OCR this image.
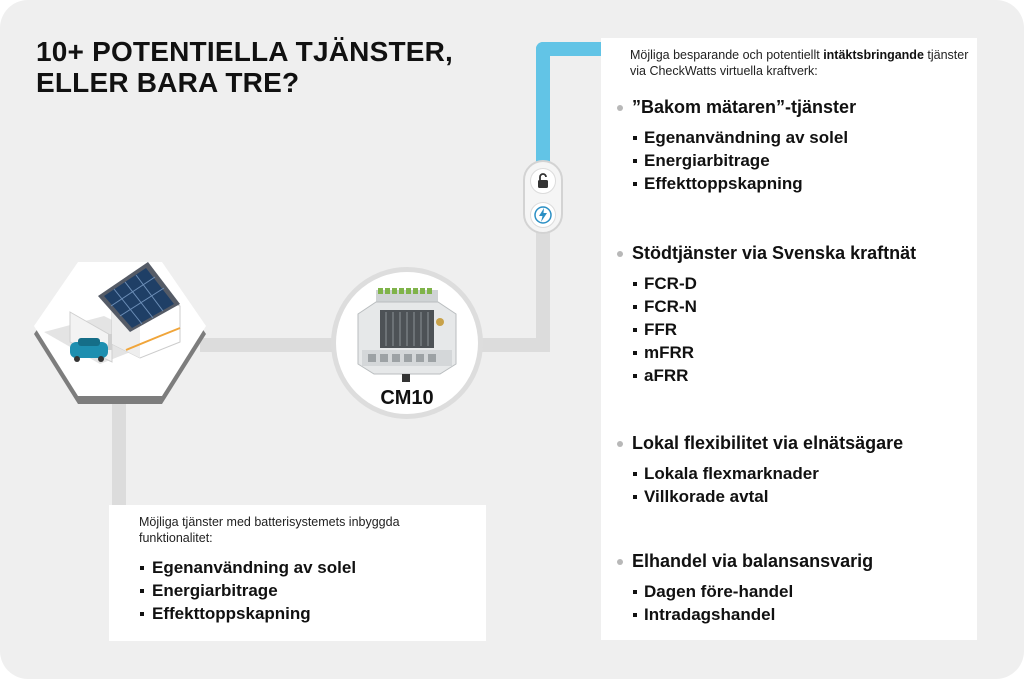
10+ POTENTIELLA TJÄNSTER,
ELLER BARA TRE?
CM10

Möjliga tjänster med batterisystemets inbyggda funktionalitet:

Egenanvändning av solel
Energiarbitrage
Effekttoppskapning

Möjliga besparande och potentiellt intäktsbringande tjänster via CheckWatts virtuella kraftverk:

”Bakom mätaren”-tjänster
Egenanvändning av solel
Energiarbitrage
Effekttoppskapning
Stödtjänster via Svenska kraftnät
FCR-D
FCR-N
FFR
mFRR
aFRR
Lokal flexibilitet via elnätsägare
Lokala flexmarknader
Villkorade avtal
Elhandel via balansansvarig
Dagen före-handel
Intradagshandel
